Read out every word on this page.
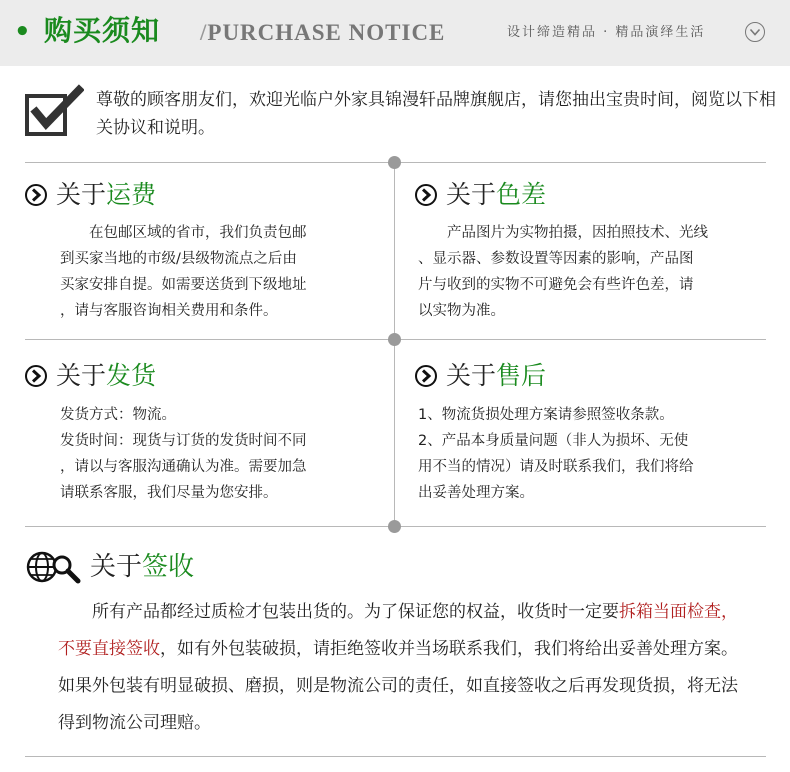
• 购买须知 /PURCHASE NOTICE	设计缔造精品 · 精品演绎生活
尊敬的顾客朋友们，欢迎光临户外家具锦漫轩品牌旗舰店，请您抽出宝贵时间，阅览以下相关协议和说明。
关于 运费

　　在包邮区域的省市，我们负责包邮

到买家当地的市级/县级物流点之后由

买家安排自提。如需要送货到下级地址

，请与客服咨询相关费用和条件。

关于 色差

　　产品图片为实物拍摄，因拍照技术、光线

、显示器、参数设置等因素的影响，产品图

片与收到的实物不可避免会有些许色差，请

以实物为准。

关于 发货

发货方式：物流。

发货时间：现货与订货的发货时间不同

，请以与客服沟通确认为准。需要加急

请联系客服，我们尽量为您安排。

关于 售后

1、物流货损处理方案请参照签收条款。

2、产品本身质量问题（非人为损坏、无使

用不当的情况）请及时联系我们，我们将给

出妥善处理方案。

关于 签收
　　所有产品都经过质检才包装出货的。为了保证您的权益，收货时一定要拆箱当面检查，不要直接签收，如有外包装破损，请拒绝签收并当场联系我们，我们将给出妥善处理方案。如果外包装有明显破损、磨损，则是物流公司的责任，如直接签收之后再发现货损，将无法得到物流公司理赔。
